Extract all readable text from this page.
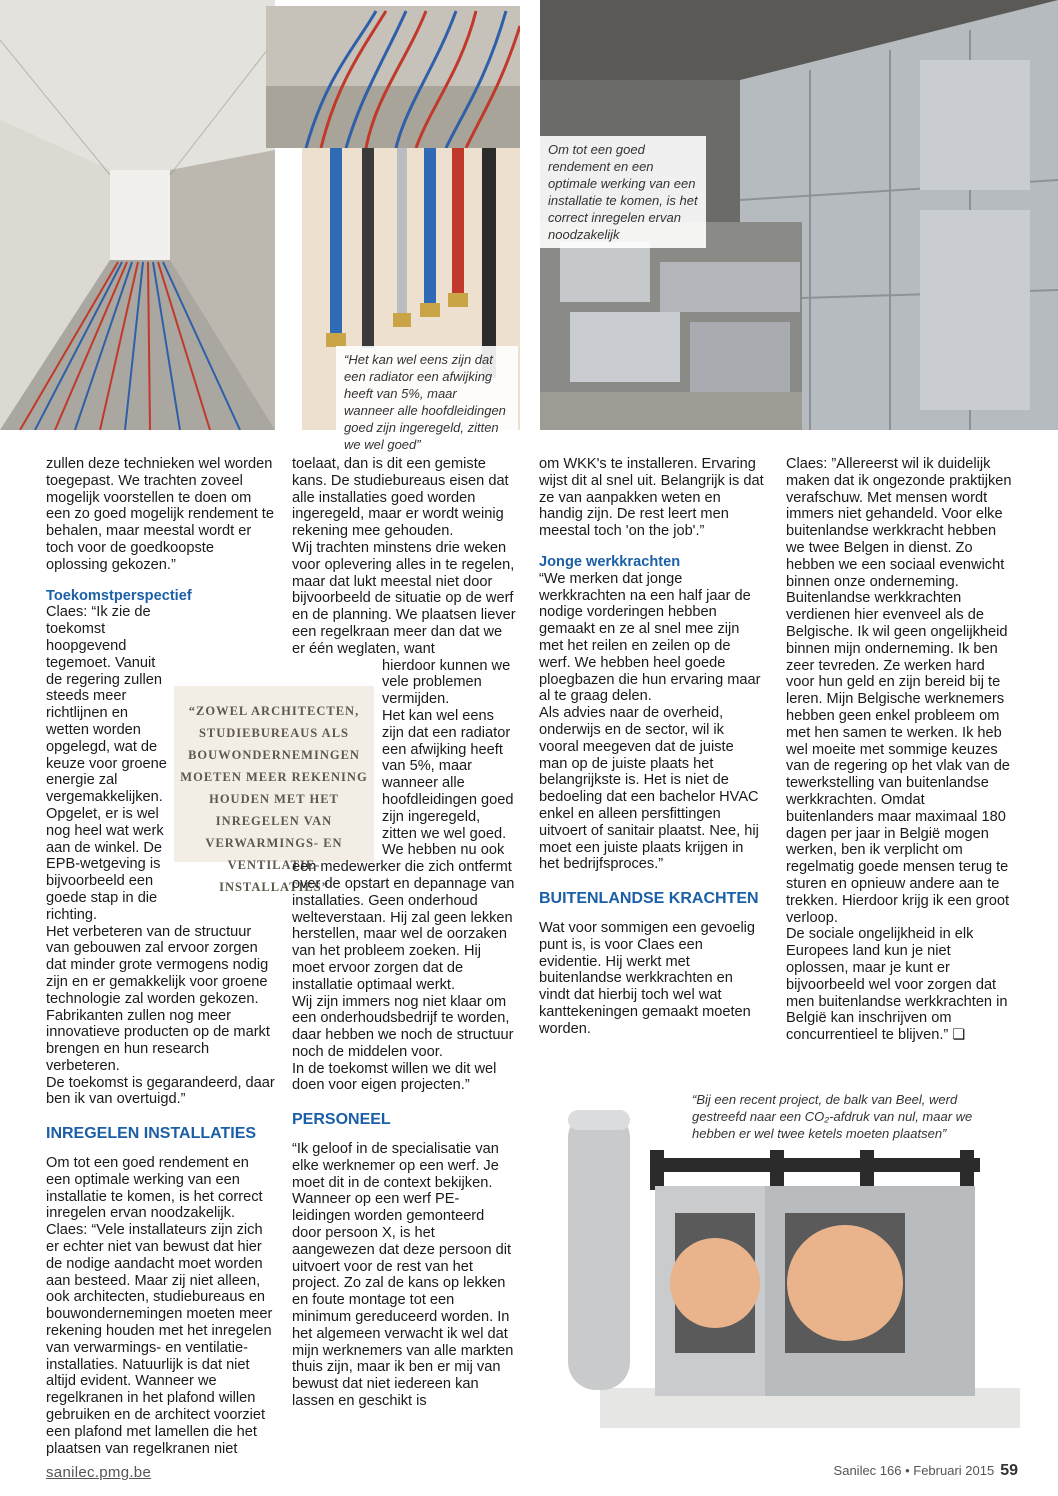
Om tot een goed rendement en een optimale werking van een installatie te komen, is het correct inregelen ervan noodzakelijk
“Het kan wel eens zijn dat een radiator een afwijking heeft van 5%, maar wanneer alle hoofdleidingen goed zijn ingeregeld, zitten we wel goed”

zullen deze technieken wel worden toegepast. We trachten zoveel mogelijk voorstellen te doen om een zo goed mogelijk rendement te behalen, maar meestal wordt er toch voor de goedkoopste oplossing gekozen.”

Toekomstperspectief

Claes: “Ik zie de toekomst hoopgevend tegemoet. Vanuit de regering zullen steeds meer richtlijnen en wetten worden opgelegd, wat de keuze voor groene energie zal vergemakkelijken. Opgelet, er is wel nog heel wat werk aan de winkel. De EPB-wetgeving is bijvoorbeeld een goede stap in die richting.

Het verbeteren van de structuur van gebouwen zal ervoor zorgen dat minder grote vermogens nodig zijn en er gemakkelijk voor groene technologie zal worden gekozen. Fabrikanten zullen nog meer innovatieve producten op de markt brengen en hun research verbeteren.

De toekomst is gegarandeerd, daar ben ik van overtuigd.”

INREGELEN INSTALLATIES

Om tot een goed rendement en een optimale werking van een installatie te komen, is het correct inregelen ervan noodzakelijk.

Claes: “Vele installateurs zijn zich er echter niet van bewust dat hier de nodige aandacht moet worden aan besteed. Maar zij niet alleen, ook architecten, studiebureaus en bouwondernemingen moeten meer rekening houden met het inregelen van verwarmings- en ventilatie-installaties. Natuurlijk is dat niet altijd evident. Wanneer we regelkranen in het plafond willen gebruiken en de architect voorziet een plafond met lamellen die het plaatsen van regelkranen niet

“ZOWEL ARCHITECTEN, STUDIEBUREAUS ALS BOUWONDERNEMINGEN MOETEN MEER REKENING HOUDEN MET HET INREGELEN VAN VERWARMINGS- EN VENTILATIE-INSTALLATIES”

toelaat, dan is dit een gemiste kans. De studiebureaus eisen dat alle installaties goed worden ingeregeld, maar er wordt weinig rekening mee gehouden.

Wij trachten minstens drie weken voor oplevering alles in te regelen, maar dat lukt meestal niet door bijvoorbeeld de situatie op de werf en de planning. We plaatsen liever een regelkraan meer dan dat we er één weglaten, want

hierdoor kunnen we vele problemen vermijden.

Het kan wel eens zijn dat een radiator een afwijking heeft van 5%, maar wanneer alle hoofdleidingen goed zijn ingeregeld, zitten we wel goed.

We hebben nu ook

een medewerker die zich ontfermt over de opstart en depannage van installaties. Geen onderhoud welteverstaan. Hij zal geen lekken herstellen, maar wel de oorzaken van het probleem zoeken. Hij moet ervoor zorgen dat de installatie optimaal werkt.

Wij zijn immers nog niet klaar om een onderhoudsbedrijf te worden, daar hebben we noch de structuur noch de middelen voor.

In de toekomst willen we dit wel doen voor eigen projecten.”

PERSONEEL

“Ik geloof in de specialisatie van elke werknemer op een werf. Je moet dit in de context bekijken. Wanneer op een werf PE-leidingen worden gemonteerd door persoon X, is het aangewezen dat deze persoon dit uitvoert voor de rest van het project. Zo zal de kans op lekken en foute montage tot een minimum gereduceerd worden. In het algemeen verwacht ik wel dat mijn werknemers van alle markten thuis zijn, maar ik ben er mij van bewust dat niet iedereen kan lassen en geschikt is

om WKK's te installeren. Ervaring wijst dit al snel uit. Belangrijk is dat ze van aanpakken weten en handig zijn. De rest leert men meestal toch 'on the job'.”

Jonge werkkrachten

“We merken dat jonge werkkrachten na een half jaar de nodige vorderingen hebben gemaakt en ze al snel mee zijn met het reilen en zeilen op de werf. We hebben heel goede ploegbazen die hun ervaring maar al te graag delen.

Als advies naar de overheid, onderwijs en de sector, wil ik vooral meegeven dat de juiste man op de juiste plaats het belangrijkste is. Het is niet de bedoeling dat een bachelor HVAC enkel en alleen persfittingen uitvoert of sanitair plaatst. Nee, hij moet een juiste plaats krijgen in het bedrijfsproces.”

BUITENLANDSE KRACHTEN

Wat voor sommigen een gevoelig punt is, is voor Claes een evidentie. Hij werkt met buitenlandse werkkrachten en vindt dat hierbij toch wel wat kanttekeningen gemaakt moeten worden.

Claes: ”Allereerst wil ik duidelijk maken dat ik ongezonde praktijken verafschuw. Met mensen wordt immers niet gehandeld. Voor elke buitenlandse werkkracht hebben we twee Belgen in dienst. Zo hebben we een sociaal evenwicht binnen onze onderneming. Buitenlandse werkkrachten verdienen hier evenveel als de Belgische. Ik wil geen ongelijkheid binnen mijn onderneming. Ik ben zeer tevreden. Ze werken hard voor hun geld en zijn bereid bij te leren. Mijn Belgische werknemers hebben geen enkel probleem om met hen samen te werken. Ik heb wel moeite met sommige keuzes van de regering op het vlak van de tewerkstelling van buitenlandse werkkrachten. Omdat buitenlanders maar maximaal 180 dagen per jaar in België mogen werken, ben ik verplicht om regelmatig goede mensen terug te sturen en opnieuw andere aan te trekken. Hierdoor krijg ik een groot verloop.

De sociale ongelijkheid in elk Europees land kun je niet oplossen, maar je kunt er bijvoorbeeld wel voor zorgen dat men buitenlandse werkkrachten in België kan inschrijven om concurrentieel te blijven.” ❏

“Bij een recent project, de balk van Beel, werd gestreefd naar een CO₂-afdruk van nul, maar we hebben er wel twee ketels moeten plaatsen”
sanilec.pmg.be	Sanilec 166 • Februari 2015 59
